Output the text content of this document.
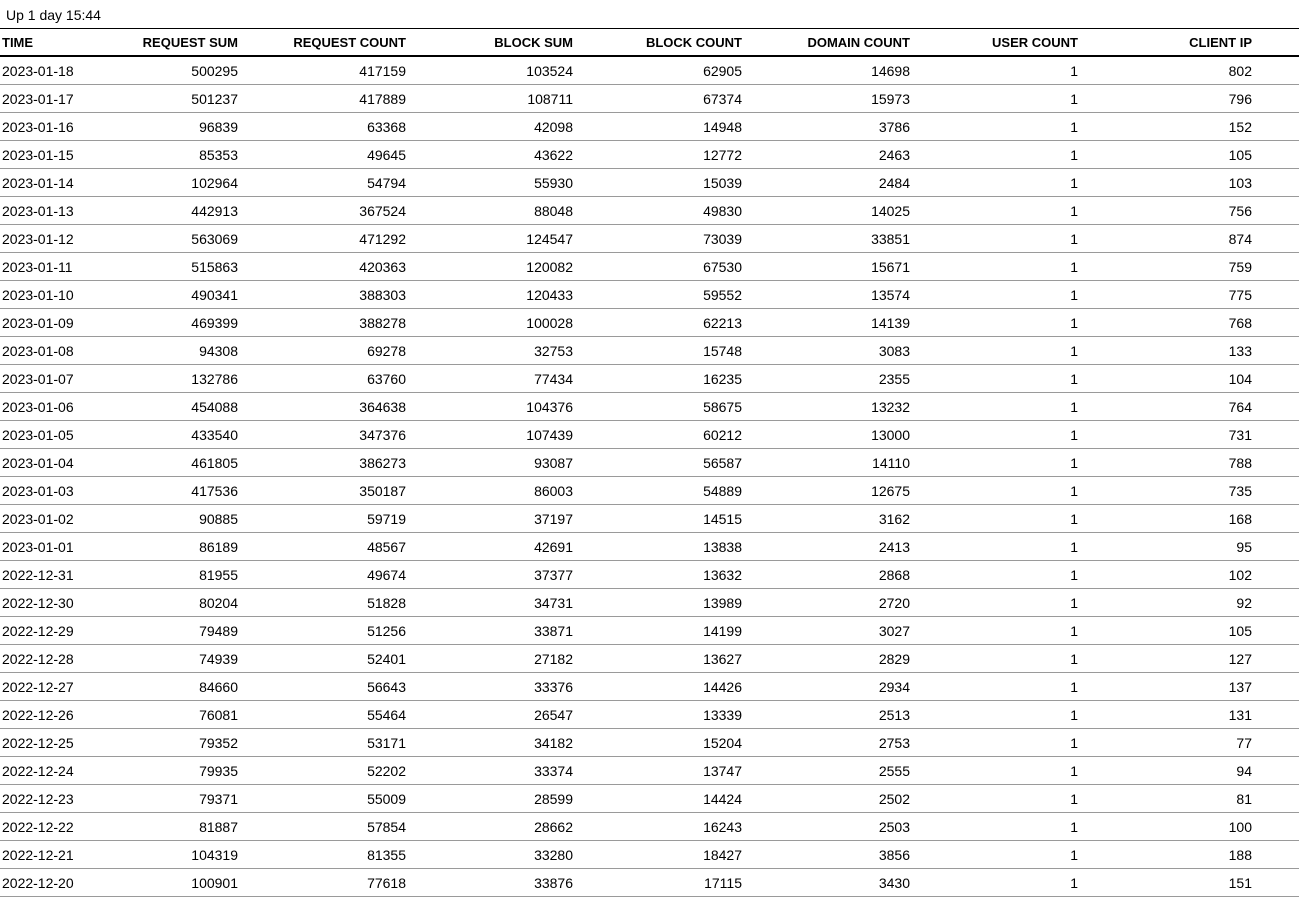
Up 1 day 15:44
TIME	REQUEST SUM	REQUEST COUNT	BLOCK SUM	BLOCK COUNT	DOMAIN COUNT	USER COUNT	CLIENT IP	
2023-01-18	500295	417159	103524	62905	14698	1	802	
2023-01-17	501237	417889	108711	67374	15973	1	796	
2023-01-16	96839	63368	42098	14948	3786	1	152	
2023-01-15	85353	49645	43622	12772	2463	1	105	
2023-01-14	102964	54794	55930	15039	2484	1	103	
2023-01-13	442913	367524	88048	49830	14025	1	756	
2023-01-12	563069	471292	124547	73039	33851	1	874	
2023-01-11	515863	420363	120082	67530	15671	1	759	
2023-01-10	490341	388303	120433	59552	13574	1	775	
2023-01-09	469399	388278	100028	62213	14139	1	768	
2023-01-08	94308	69278	32753	15748	3083	1	133	
2023-01-07	132786	63760	77434	16235	2355	1	104	
2023-01-06	454088	364638	104376	58675	13232	1	764	
2023-01-05	433540	347376	107439	60212	13000	1	731	
2023-01-04	461805	386273	93087	56587	14110	1	788	
2023-01-03	417536	350187	86003	54889	12675	1	735	
2023-01-02	90885	59719	37197	14515	3162	1	168	
2023-01-01	86189	48567	42691	13838	2413	1	95	
2022-12-31	81955	49674	37377	13632	2868	1	102	
2022-12-30	80204	51828	34731	13989	2720	1	92	
2022-12-29	79489	51256	33871	14199	3027	1	105	
2022-12-28	74939	52401	27182	13627	2829	1	127	
2022-12-27	84660	56643	33376	14426	2934	1	137	
2022-12-26	76081	55464	26547	13339	2513	1	131	
2022-12-25	79352	53171	34182	15204	2753	1	77	
2022-12-24	79935	52202	33374	13747	2555	1	94	
2022-12-23	79371	55009	28599	14424	2502	1	81	
2022-12-22	81887	57854	28662	16243	2503	1	100	
2022-12-21	104319	81355	33280	18427	3856	1	188	
2022-12-20	100901	77618	33876	17115	3430	1	151	
